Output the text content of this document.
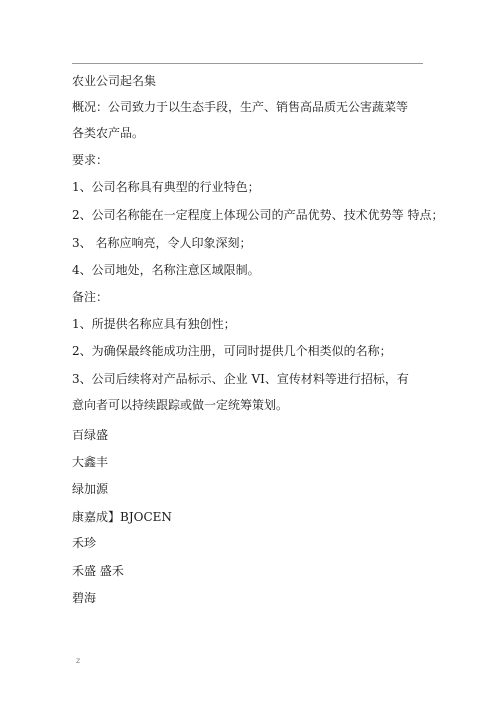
农业公司起名集
概况：公司致力于以生态手段，生产、销售高品质无公害蔬菜等
各类农产品。
要求：
1、公司名称具有典型的行业特色；
2、公司名称能在一定程度上体现公司的产品优势、技术优势等 特点；
3、 名称应响亮，令人印象深刻；
4、公司地处，名称注意区域限制。
备注：
1、所提供名称应具有独创性；
2、为确保最终能成功注册，可同时提供几个相类似的名称；
3、公司后续将对产品标示、企业 VI、宣传材料等进行招标，有
意向者可以持续跟踪或做一定统筹策划。
百绿盛
大鑫丰
绿加源
康嘉成】BJOCEN
禾珍
禾盛 盛禾
碧海
z
